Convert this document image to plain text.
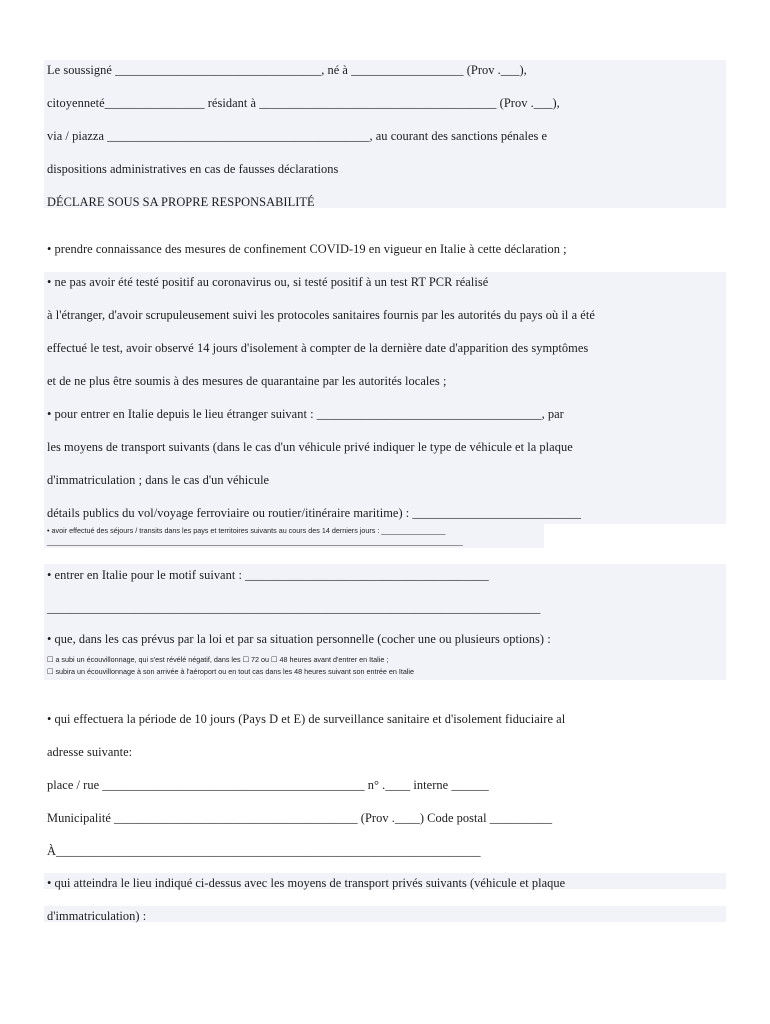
Le soussigné _________________________________, né à __________________ (Prov .___),
citoyenneté________________ résidant à ______________________________________ (Prov .___),
via / piazza __________________________________________, au courant des sanctions pénales e
dispositions administratives en cas de fausses déclarations
DÉCLARE SOUS SA PROPRE RESPONSABILITÉ
• prendre connaissance des mesures de confinement COVID-19 en vigueur en Italie à cette déclaration ;
• ne pas avoir été testé positif au coronavirus ou, si testé positif à un test RT PCR réalisé
à l'étranger, d'avoir scrupuleusement suivi les protocoles sanitaires fournis par les autorités du pays où il a été
effectué le test, avoir observé 14 jours d'isolement à compter de la dernière date d'apparition des symptômes
et de ne plus être soumis à des mesures de quarantaine par les autorités locales ;
• pour entrer en Italie depuis le lieu étranger suivant : ____________________________________, par
les moyens de transport suivants (dans le cas d'un véhicule privé indiquer le type de véhicule et la plaque
d'immatriculation ; dans le cas d'un véhicule
détails publics du vol/voyage ferroviaire ou routier/itinéraire maritime) : ___________________________
• avoir effectué des séjours / transits dans les pays et territoires suivants au cours des 14 derniers jours : ________________
________________________________________________________________________________________________________
• entrer en Italie pour le motif suivant : _______________________________________
_______________________________________________________________________________
• que, dans les cas prévus par la loi et par sa situation personnelle (cocher une ou plusieurs options) :
☐ a subi un écouvillonnage, qui s'est révélé négatif, dans les ☐ 72 ou ☐ 48 heures avant d'entrer en Italie ;
☐ subira un écouvillonnage à son arrivée à l'aéroport ou en tout cas dans les 48 heures suivant son entrée en Italie
• qui effectuera la période de 10 jours (Pays D et E) de surveillance sanitaire et d'isolement fiduciaire al
adresse suivante:
place / rue __________________________________________ n° .____ interne ______
Municipalité _______________________________________ (Prov .____) Code postal __________
À____________________________________________________________________
• qui atteindra le lieu indiqué ci-dessus avec les moyens de transport privés suivants (véhicule et plaque
d'immatriculation) :
